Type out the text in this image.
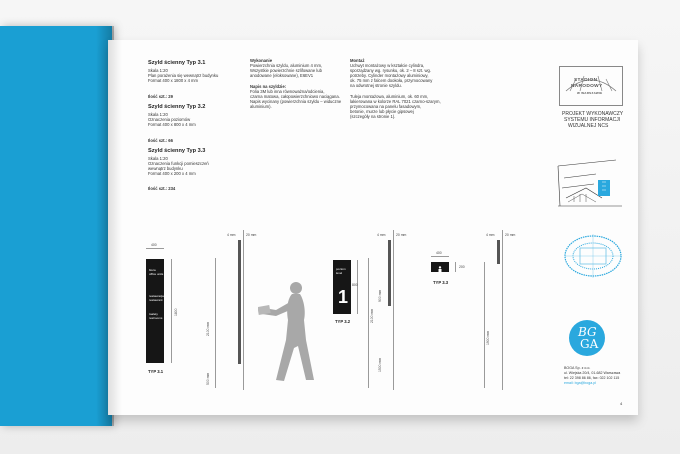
Szyld ścienny Typ 3.1
Skala 1:20
Plan porażenia się wewnątrz budynku
Format 400 x 1800 x 4 mm
Ilość szt.: 29
Szyld ścienny Typ 3.2
Skala 1:20
Oznaczenia poziomów
Format 400 x 800 x 4 mm
Ilość szt.: 66
Szyld ścienny Typ 3.3
Skala 1:20
Oznaczenia funkcji pomieszczeń
wewnątrz budynku
Format 400 x 200 x 4 mm
Ilość szt.: 234
Wykonanie
Powierzchnia szyldu, aluminium 4 mm,
Wszystkie powierzchnie szlifowane lub
anodowane (eloksowane), E6EV1
Napis na szyldzie:
Folia 3M lub inna równoważna/odcienia,
czarna matowa, całopowierzchniowo naciągana.
Napis wycinany (powierzchnia szyldu – widuczne
aluminium).
Montaż
Uchwyt montażowy w kształcie cylindra,
sporządzany wg. rysunku, ok. 2 – 8 szt. wg.
potrzeby. Cylinder montażowy aluminiowy,
ok. 75 mm z falcem dookoła, przymocowany
na odwrotnej stronie szyldu.
Tuleja montażowa, aluminium, ok. 60 mm,
lakierowana w kolorze RAL 7021 czarno-szarym,
przymocowana na panelu fasadowym,
betonie, murze lub płycie gipsowej
(szczegóły na stronie 1).
STADION
NARODOWY
W WARSZAWIE
PROJEKT WYKONAWCZY
SYSTEMU INFORMACJI
WIZUALNEJ NCS
BG
GA
BOGA Sp. z o.o.
ul. Wiejska 20/4, 01-682 Warszawa
tel: 22 398 86 86, fax: 022 102 115
email: bga@boga.pl
400
biura
office units
restauracja
restaurant
toalety
restrooms
1800
TYP 3.1
2100 mm
500 mm
4 mm	20 mm
poziom
level
1
800
TYP 3.2	2100 mm
900 mm
1500 mm
4 mm	20 mm
200
400
TYP 3.3
1900 mm
4 mm	20 mm
4
